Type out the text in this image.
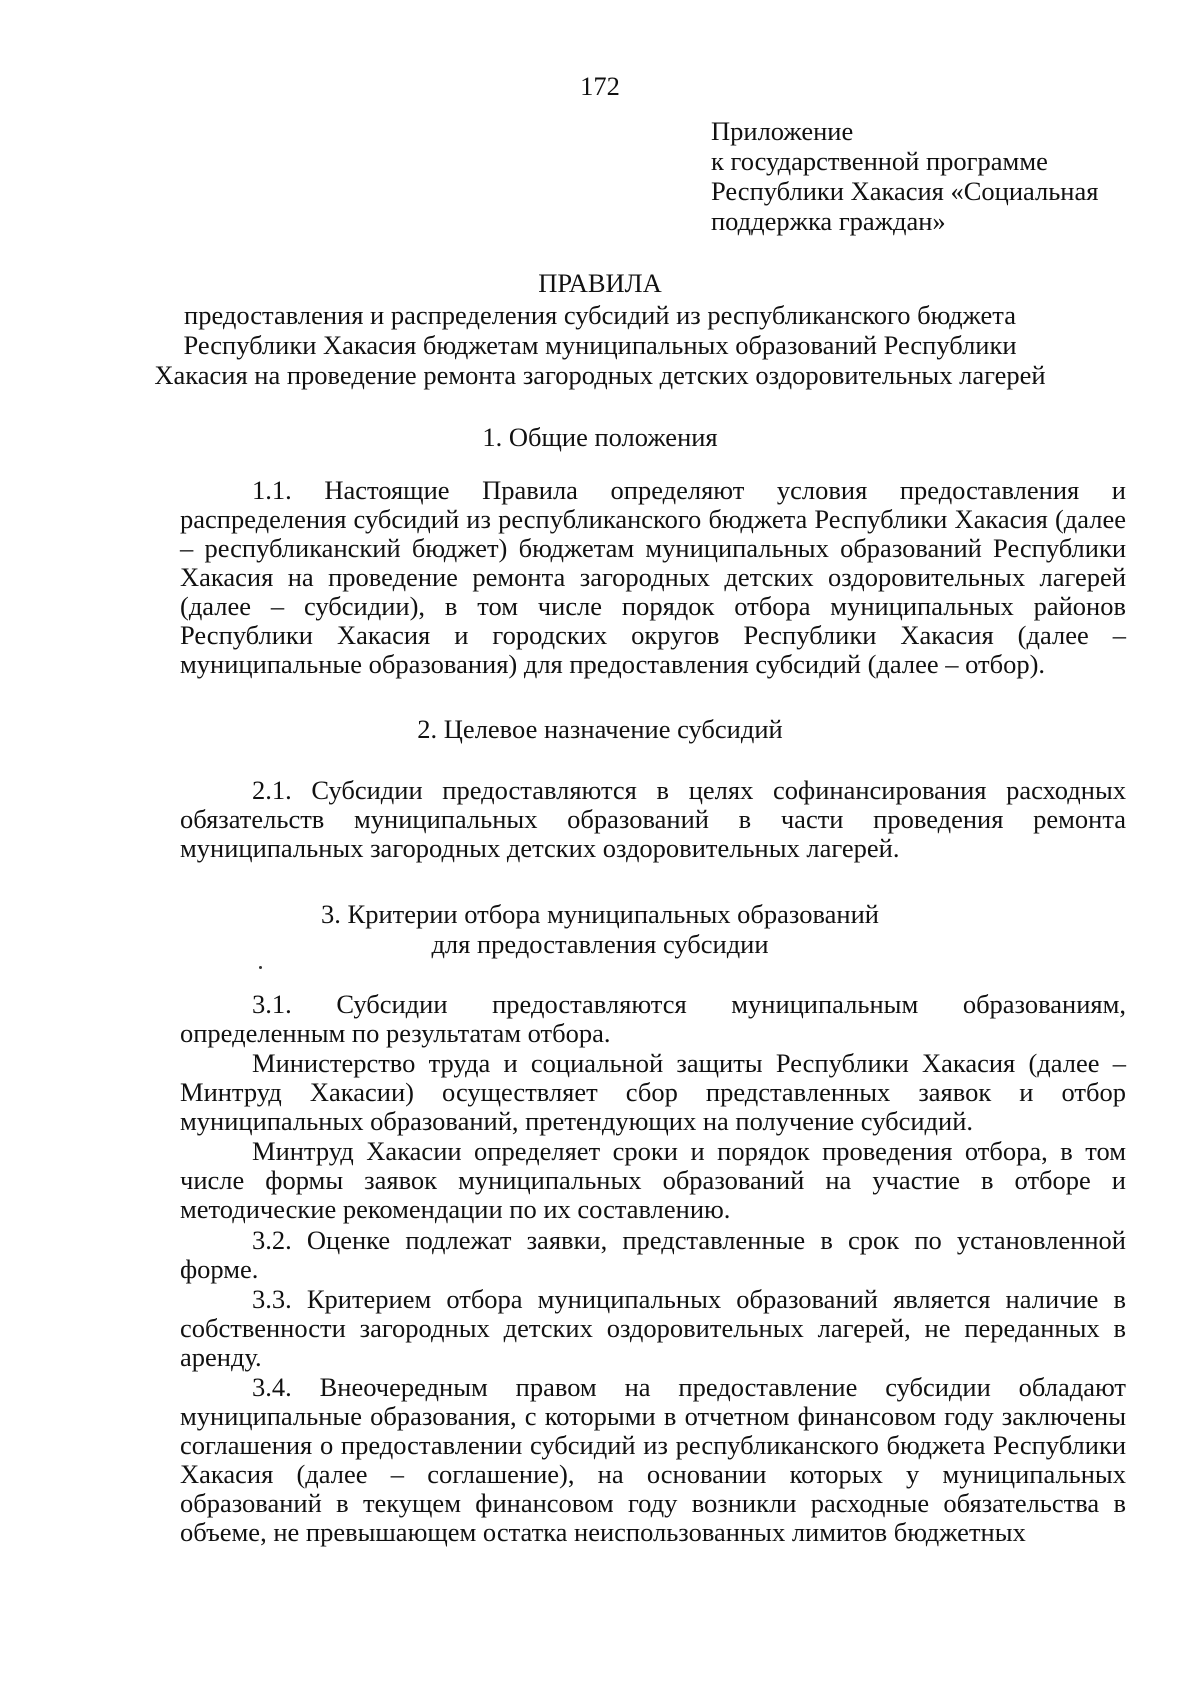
172
Приложение
к государственной программе
Республики Хакасия «Социальная
поддержка граждан»
ПРАВИЛА
предоставления и распределения субсидий из республиканского бюджета Республики Хакасия бюджетам муниципальных образований Республики Хакасия на проведение ремонта загородных детских оздоровительных лагерей
1. Общие положения
1.1. Настоящие Правила определяют условия предоставления и распределения субсидий из республиканского бюджета Республики Хакасия (далее – республиканский бюджет) бюджетам муниципальных образований Республики Хакасия на проведение ремонта загородных детских оздоровительных лагерей (далее – субсидии), в том числе порядок отбора муниципальных районов Республики Хакасия и городских округов Республики Хакасия (далее – муниципальные образования) для предоставления субсидий (далее – отбор).
2. Целевое назначение субсидий
2.1. Субсидии предоставляются в целях софинансирования расходных обязательств муниципальных образований в части проведения ремонта муниципальных загородных детских оздоровительных лагерей.
3. Критерии отбора муниципальных образований
для предоставления субсидии
3.1. Субсидии предоставляются муниципальным образованиям, определенным по результатам отбора.
Министерство труда и социальной защиты Республики Хакасия (далее – Минтруд Хакасии) осуществляет сбор представленных заявок и отбор муниципальных образований, претендующих на получение субсидий.
Минтруд Хакасии определяет сроки и порядок проведения отбора, в том числе формы заявок муниципальных образований на участие в отборе и методические рекомендации по их составлению.
3.2. Оценке подлежат заявки, представленные в срок по установленной форме.
3.3. Критерием отбора муниципальных образований является наличие в собственности загородных детских оздоровительных лагерей, не переданных в аренду.
3.4. Внеочередным правом на предоставление субсидии обладают муниципальные образования, с которыми в отчетном финансовом году заключены соглашения о предоставлении субсидий из республиканского бюджета Республики Хакасия (далее – соглашение), на основании которых у муниципальных образований в текущем финансовом году возникли расходные обязательства в объеме, не превышающем остатка неиспользованных лимитов бюджетных
